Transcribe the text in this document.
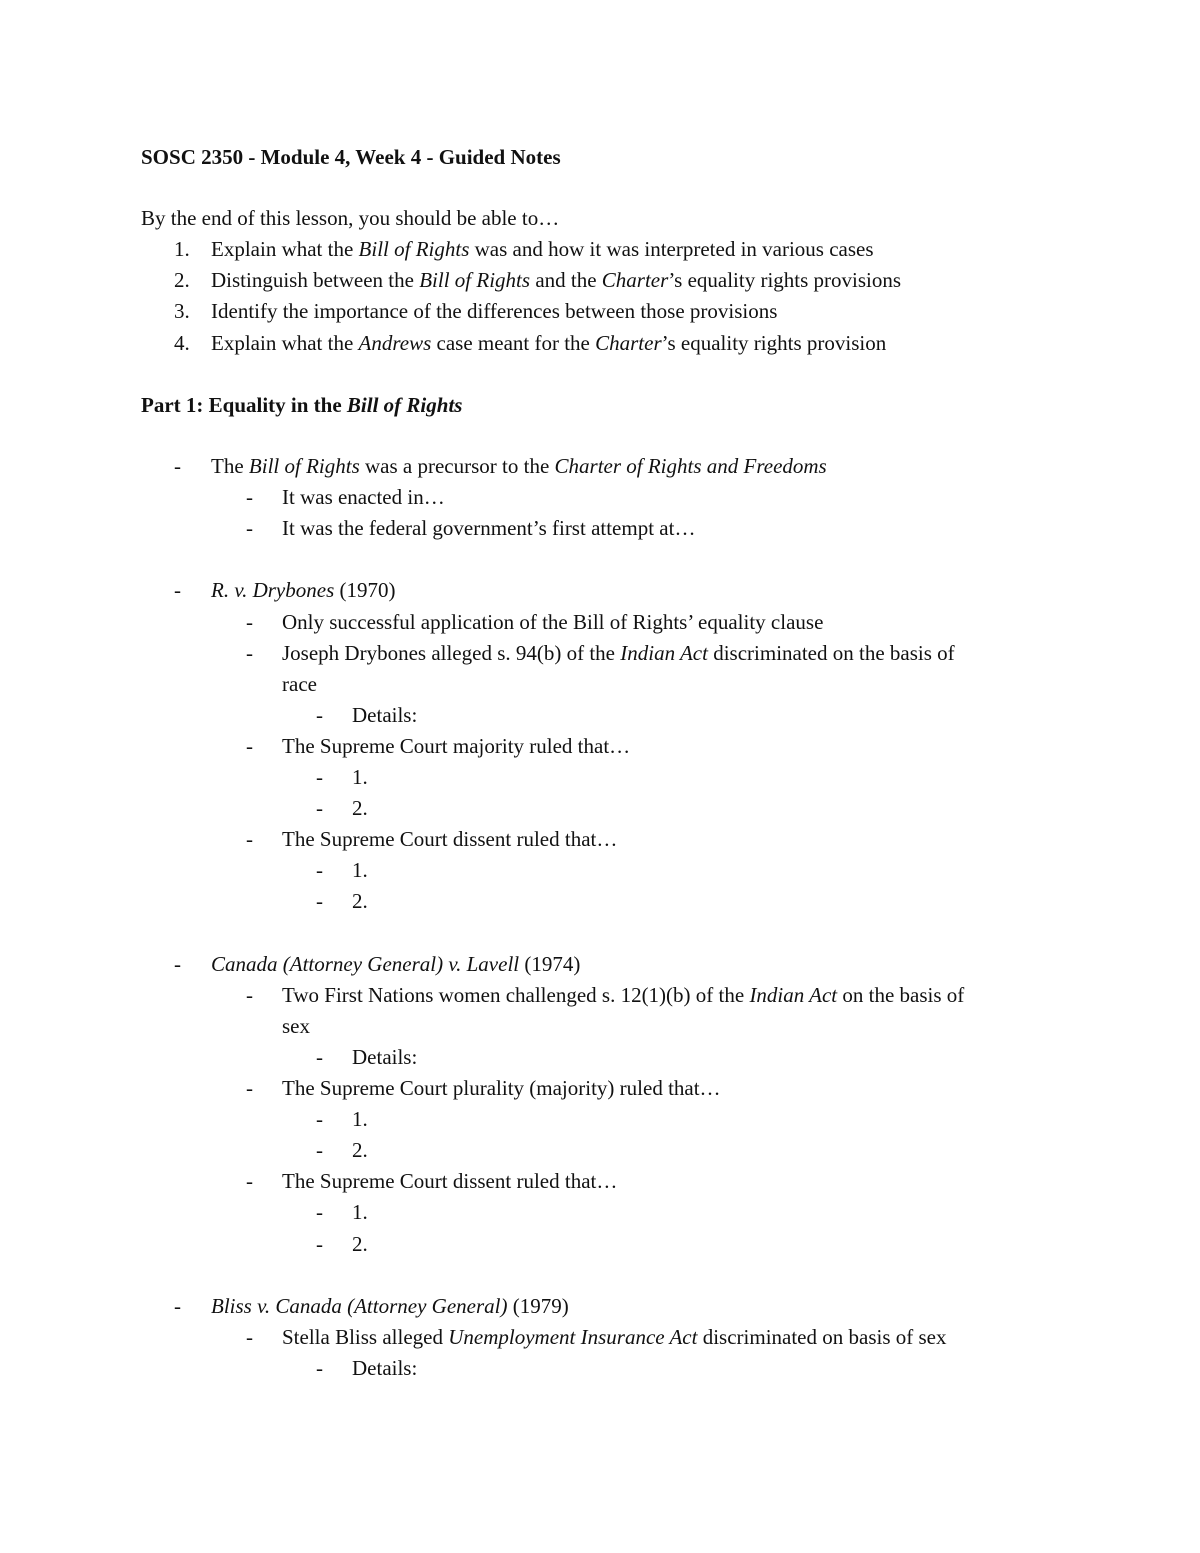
SOSC 2350 - Module 4, Week 4 - Guided Notes
By the end of this lesson, you should be able to…
1. Explain what the Bill of Rights was and how it was interpreted in various cases
2. Distinguish between the Bill of Rights and the Charter’s equality rights provisions
3. Identify the importance of the differences between those provisions
4. Explain what the Andrews case meant for the Charter’s equality rights provision
Part 1: Equality in the Bill of Rights
- The Bill of Rights was a precursor to the Charter of Rights and Freedoms
- It was enacted in…
- It was the federal government’s first attempt at…
- R. v. Drybones (1970)
- Only successful application of the Bill of Rights’ equality clause
- Joseph Drybones alleged s. 94(b) of the Indian Act discriminated on the basis of
race
- Details:
- The Supreme Court majority ruled that…
- 1.
- 2.
- The Supreme Court dissent ruled that…
- 1.
- 2.
- Canada (Attorney General) v. Lavell (1974)
- Two First Nations women challenged s. 12(1)(b) of the Indian Act on the basis of
sex
- Details:
- The Supreme Court plurality (majority) ruled that…
- 1.
- 2.
- The Supreme Court dissent ruled that…
- 1.
- 2.
- Bliss v. Canada (Attorney General) (1979)
- Stella Bliss alleged Unemployment Insurance Act discriminated on basis of sex
- Details:
